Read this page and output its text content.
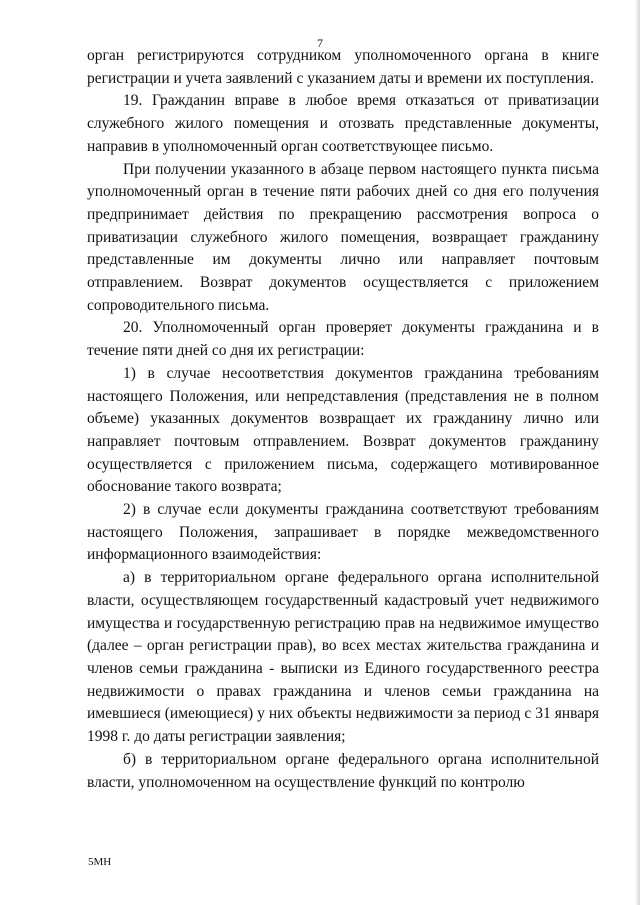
7

орган регистрируются сотрудником уполномоченного органа в книге регистрации и учета заявлений с указанием даты и времени их поступления.

19. Гражданин вправе в любое время отказаться от приватизации служебного жилого помещения и отозвать представленные документы, направив в уполномоченный орган соответствующее письмо.

При получении указанного в абзаце первом настоящего пункта письма уполномоченный орган в течение пяти рабочих дней со дня его получения предпринимает действия по прекращению рассмотрения вопроса о приватизации служебного жилого помещения, возвращает гражданину представленные им документы лично или направляет почтовым отправлением. Возврат документов осуществляется с приложением сопроводительного письма.

20. Уполномоченный орган проверяет документы гражданина и в течение пяти дней со дня их регистрации:

1) в случае несоответствия документов гражданина требованиям настоящего Положения, или непредставления (представления не в полном объеме) указанных документов возвращает их гражданину лично или направляет почтовым отправлением. Возврат документов гражданину осуществляется с приложением письма, содержащего мотивированное обоснование такого возврата;

2) в случае если документы гражданина соответствуют требованиям настоящего Положения, запрашивает в порядке межведомственного информационного взаимодействия:

а) в территориальном органе федерального органа исполнительной власти, осуществляющем государственный кадастровый учет недвижимого имущества и государственную регистрацию прав на недвижимое имущество (далее – орган регистрации прав), во всех местах жительства гражданина и членов семьи гражданина - выписки из Единого государственного реестра недвижимости о правах гражданина и членов семьи гражданина на имевшиеся (имеющиеся) у них объекты недвижимости за период с 31 января 1998 г. до даты регистрации заявления;

б) в территориальном органе федерального органа исполнительной власти, уполномоченном на осуществление функций по контролю

5МН
